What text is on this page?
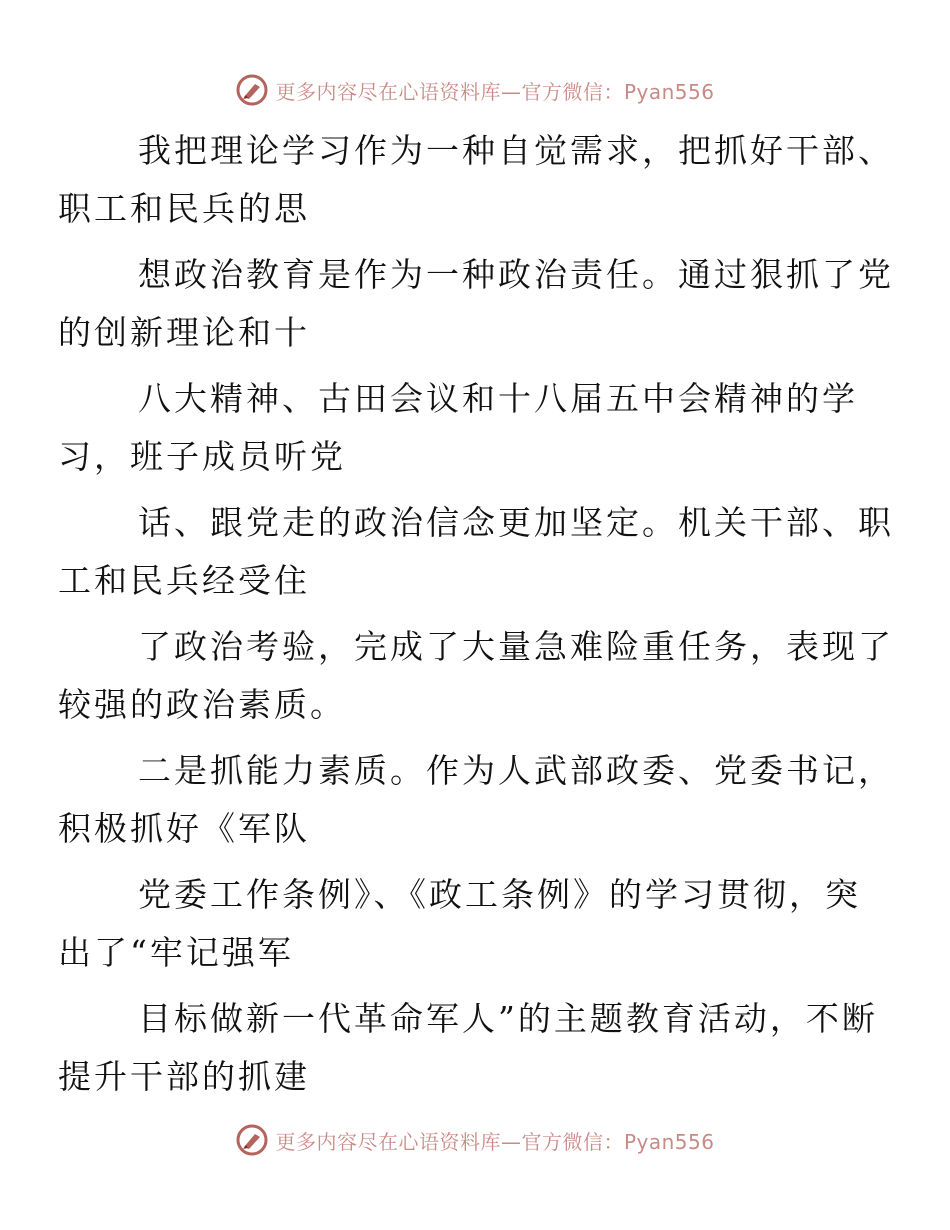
更多内容尽在心语资料库—官方微信：Pyan556

我把理论学习作为一种自觉需求，把抓好干部、
职工和民兵的思

想政治教育是作为一种政治责任。通过狠抓了党
的创新理论和十

八大精神、古田会议和十八届五中会精神的学
习，班子成员听党

话、跟党走的政治信念更加坚定。机关干部、职
工和民兵经受住

了政治考验，完成了大量急难险重任务，表现了
较强的政治素质。

二是抓能力素质。作为人武部政委、党委书记，
积极抓好《军队

党委工作条例》、《政工条例》的学习贯彻，突
出了“牢记强军

目标做新一代革命军人”的主题教育活动，不断
提升干部的抓建

更多内容尽在心语资料库—官方微信：Pyan556
